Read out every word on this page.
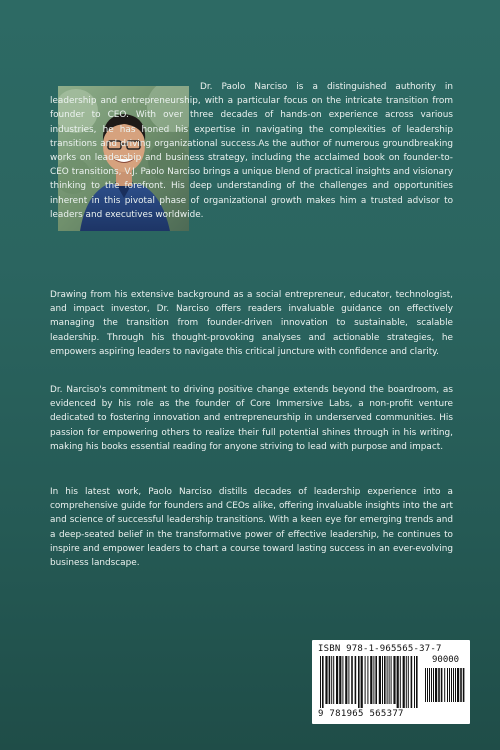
Dr. Paolo Narciso is a distinguished authority in leadership and entrepreneurship, with a particular focus on the intricate transition from founder to CEO. With over three decades of hands-on experience across various industries, he has honed his expertise in navigating the complexities of leadership transitions and driving organizational success.As the author of numerous groundbreaking works on leadership and business strategy, including the acclaimed book on founder-to-CEO transitions, V.J. Paolo Narciso brings a unique blend of practical insights and visionary thinking to the forefront. His deep understanding of the challenges and opportunities inherent in this pivotal phase of organizational growth makes him a trusted advisor to leaders and executives worldwide.

Drawing from his extensive background as a social entrepreneur, educator, technologist, and impact investor, Dr. Narciso offers readers invaluable guidance on effectively managing the transition from founder-driven innovation to sustainable, scalable leadership. Through his thought-provoking analyses and actionable strategies, he empowers aspiring leaders to navigate this critical juncture with confidence and clarity.

Dr. Narciso's commitment to driving positive change extends beyond the boardroom, as evidenced by his role as the founder of Core Immersive Labs, a non-profit venture dedicated to fostering innovation and entrepreneurship in underserved communities. His passion for empowering others to realize their full potential shines through in his writing, making his books essential reading for anyone striving to lead with purpose and impact.

In his latest work, Paolo Narciso distills decades of leadership experience into a comprehensive guide for founders and CEOs alike, offering invaluable insights into the art and science of successful leadership transitions. With a keen eye for emerging trends and a deep-seated belief in the transformative power of effective leadership, he continues to inspire and empower leaders to chart a course toward lasting success in an ever-evolving business landscape.

ISBN 978-1-965565-37-7
90000
9 781965 565377
